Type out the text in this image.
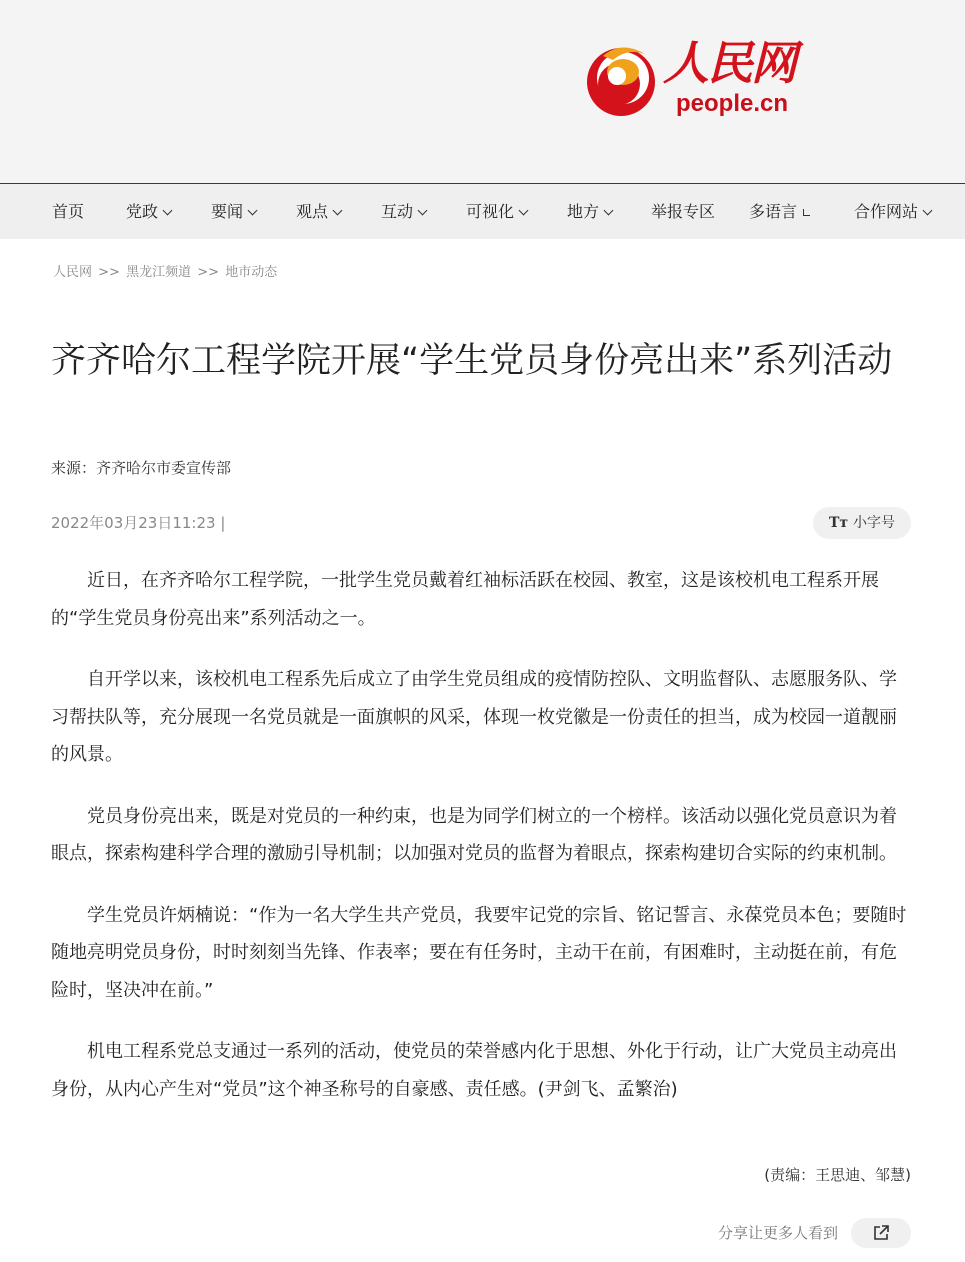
人民网
people.cn
首页	党政	要闻	观点	互动	可视化	地方	举报专区 多语言	合作网站
人民网 >> 黑龙江频道 >> 地市动态
齐齐哈尔工程学院开展“学生党员身份亮出来”系列活动
来源：齐齐哈尔市委宣传部
2022年03月23日11:23 |	Tт 小字号

近日，在齐齐哈尔工程学院，一批学生党员戴着红袖标活跃在校园、教室，这是该校机电工程系开展的“学生党员身份亮出来”系列活动之一。

自开学以来，该校机电工程系先后成立了由学生党员组成的疫情防控队、文明监督队、志愿服务队、学习帮扶队等，充分展现一名党员就是一面旗帜的风采，体现一枚党徽是一份责任的担当，成为校园一道靓丽的风景。

党员身份亮出来，既是对党员的一种约束，也是为同学们树立的一个榜样。该活动以强化党员意识为着眼点，探索构建科学合理的激励引导机制；以加强对党员的监督为着眼点，探索构建切合实际的约束机制。

学生党员许炳楠说：“作为一名大学生共产党员，我要牢记党的宗旨、铭记誓言、永葆党员本色；要随时随地亮明党员身份，时时刻刻当先锋、作表率；要在有任务时，主动干在前，有困难时，主动挺在前，有危险时，坚决冲在前。”

机电工程系党总支通过一系列的活动，使党员的荣誉感内化于思想、外化于行动，让广大党员主动亮出身份，从内心产生对“党员”这个神圣称号的自豪感、责任感。(尹剑飞、孟繁治)

(责编：王思迪、邹慧)
分享让更多人看到
